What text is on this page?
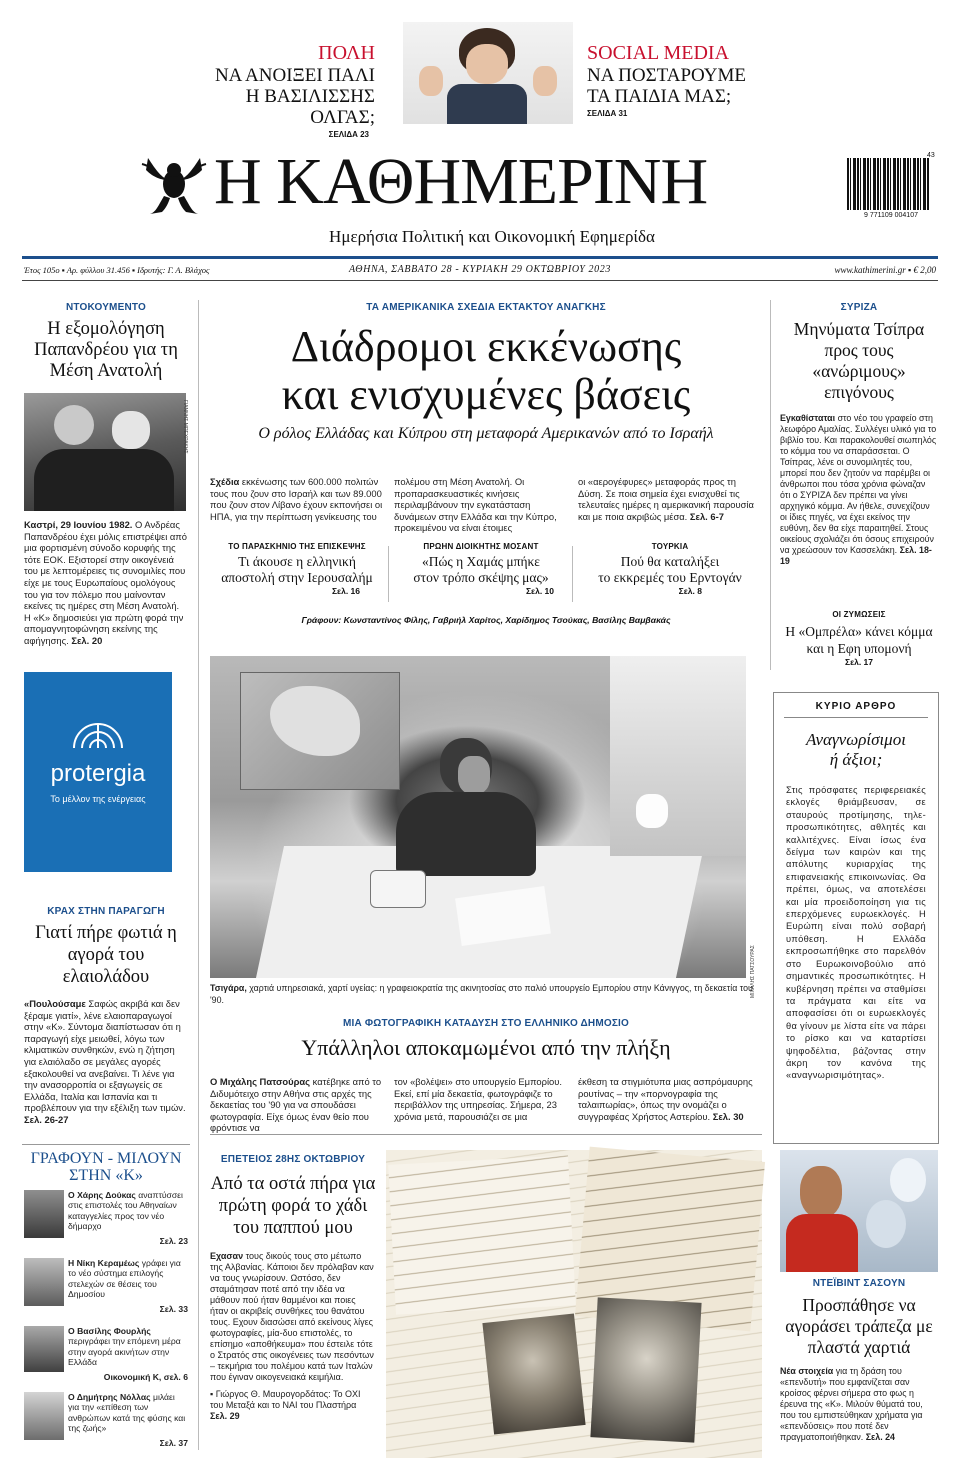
ΠΟΛΗ
ΝΑ ΑΝΟΙΞΕΙ ΠΑΛΙ
Η ΒΑΣΙΛΙΣΣΗΣ ΟΛΓΑΣ;
ΣΕΛΙΔΑ 23
SOCIAL MEDIA
ΝΑ ΠΟΣΤΑΡΟΥΜΕ
ΤΑ ΠΑΙΔΙΑ ΜΑΣ;
ΣΕΛΙΔΑ 31
Η ΚΑΘΗΜΕΡΙΝΗ
Ημερήσια Πολιτική και Οικονομική Εφημερίδα
43
9 771109 004107
Έτος 105ο ▪ Αρ. φύλλου 31.456 ▪ Ιδρυτής: Γ. Α. Βλάχος	ΑΘΗΝΑ, ΣΑΒΒΑΤΟ 28 - ΚΥΡΙΑΚΗ 29 ΟΚΤΩΒΡΙΟΥ 2023	www.kathimerini.gr ▪ € 2,00
ΝΤΟΚΟΥΜΕΝΤΟ
Η εξομολόγηση Παπανδρέου για τη Μέση Ανατολή
ΓΙΑΝΝΗΣ ΜΠΕΧΡΑΚΗΣ
Καστρί, 29 Ιουνίου 1982. Ο Ανδρέας Παπανδρέου έχει μόλις επιστρέψει από μια φορτισμένη σύνοδο κορυφής της τότε ΕΟΚ. Εξιστορεί στην οικογένειά του με λεπτομέρειες τις συνομιλίες που είχε με τους Ευρωπαίους ομολόγους του για τον πόλεμο που μαίνονταν εκείνες τις ημέρες στη Μέση Ανατολή. Η «Κ» δημοσιεύει για πρώτη φορά την απομαγνητοφώνηση εκείνης της αφήγησης. Σελ. 20
protergia
Το μέλλον της ενέργειας
ΚΡΑΧ ΣΤΗΝ ΠΑΡΑΓΩΓΗ
Γιατί πήρε φωτιά η αγορά του ελαιολάδου
«Πουλούσαμε Σαφώς ακριβά και δεν ξέραμε γιατί», λένε ελαιοπαραγωγοί στην «Κ». Σύντομα διαπίστωσαν ότι η παραγωγή είχε μειωθεί, λόγω των κλιματικών συνθηκών, ενώ η ζήτηση για ελαιόλαδο σε μεγάλες αγορές εξακολουθεί να ανεβαίνει. Τι λένε για την ανασορροπία οι εξαγωγείς σε Ελλάδα, Ιταλία και Ισπανία και τι προβλέπουν για την εξέλιξη των τιμών. Σελ. 26-27
ΓΡΑΦΟΥΝ - ΜΙΛΟΥΝ
ΣΤΗΝ «Κ»
Ο Χάρης Δούκας αναπτύσσει στις επιστολές του Αθηναίων καταγγελίες προς τον νέο δήμαρχο
Σελ. 23
Η Νίκη Κεραμέως γράφει για το νέο σύστημα επιλογής στελεχών σε θέσεις του Δημοσίου
Σελ. 33
Ο Βασίλης Φουρλής περιγράφει την επόμενη μέρα στην αγορά ακινήτων στην Ελλάδα
Οικονομική Κ, σελ. 6
Ο Δημήτρης Νόλλας μιλάει για την «επίθεση των ανθρώπων κατά της φύσης και της ζωής»
Σελ. 37
ΤΑ ΑΜΕΡΙΚΑΝΙΚΑ ΣΧΕΔΙΑ ΕΚΤΑΚΤΟΥ ΑΝΑΓΚΗΣ
Διάδρομοι εκκένωσης
και ενισχυμένες βάσεις
Ο ρόλος Ελλάδας και Κύπρου στη μεταφορά Αμερικανών από το Ισραήλ
Σχέδια εκκένωσης των 600.000 πολιτών τους που ζουν στο Ισραήλ και των 89.000 που ζουν στον Λίβανο έχουν εκπονήσει οι ΗΠΑ, για την περίπτωση γενίκευσης του
πολέμου στη Μέση Ανατολή. Οι προπαρασκευαστικές κινήσεις περιλαμβάνουν την εγκατάσταση δυνάμεων στην Ελλάδα και την Κύπρο, προκειμένου να είναι έτοιμες
οι «αερογέφυρες» μεταφοράς προς τη Δύση. Σε ποια σημεία έχει ενισχυθεί τις τελευταίες ημέρες η αμερικανική παρουσία και με ποια ακριβώς μέσα. Σελ. 6-7
ΤΟ ΠΑΡΑΣΚΗΝΙΟ ΤΗΣ ΕΠΙΣΚΕΨΗΣ
Τι άκουσε η ελληνική
αποστολή στην Ιερουσαλήμ
Σελ. 16
ΠΡΩΗΝ ΔΙΟΙΚΗΤΗΣ ΜΟΣΑΝΤ
«Πώς η Χαμάς μπήκε
στον τρόπο σκέψης μας»
Σελ. 10
ΤΟΥΡΚΙΑ
Πού θα καταλήξει
το εκκρεμές του Ερντογάν
Σελ. 8
Γράφουν: Κωνσταντίνος Φίλης, Γαβριήλ Χαρίτος, Χαρίδημος Τσούκας, Βασίλης Βαμβακάς
ΜΙΧΑΛΗΣ ΠΑΤΣΟΥΡΑΣ
Τσιγάρα, χαρτιά υπηρεσιακά, χαρτί υγείας: η γραφειοκρατία της ακινητοσίας στο παλιό υπουργείο Εμπορίου στην Κάνιγγος, τη δεκαετία του '90.
ΜΙΑ ΦΩΤΟΓΡΑΦΙΚΗ ΚΑΤΑΔΥΣΗ ΣΤΟ ΕΛΛΗΝΙΚΟ ΔΗΜΟΣΙΟ
Υπάλληλοι αποκαμωμένοι από την πλήξη
Ο Μιχάλης Πατσούρας κατέβηκε από το Διδυμότειχο στην Αθήνα στις αρχές της δεκαετίας του '90 για να σπουδάσει φωτογραφία. Είχε όμως έναν θείο που φρόντισε να
τον «βολέψει» στο υπουργείο Εμπορίου. Εκεί, επί μία δεκαετία, φωτογράφιζε το περιβάλλον της υπηρεσίας. Σήμερα, 23 χρόνια μετά, παρουσιάζει σε μια
έκθεση τα στιγμιότυπα μιας ασπρόμαυρης ρουτίνας – την «πορνογραφία της ταλαιπωρίας», όπως την ονομάζει ο συγγραφέας Χρήστος Αστερίου. Σελ. 30
ΕΠΕΤΕΙΟΣ 28ΗΣ ΟΚΤΩΒΡΙΟΥ
Από τα οστά πήρα για πρώτη φορά το χάδι του παππού μου
Εχασαν τους δικούς τους στο μέτωπο της Αλβανίας. Κάποιοι δεν πρόλαβαν καν να τους γνωρίσουν. Ωστόσο, δεν σταμάτησαν ποτέ από την ιδέα να μάθουν πού ήταν θαμμένοι και ποιες ήταν οι ακριβείς συνθήκες του θανάτου τους. Εχουν διασώσει από εκείνους λίγες φωτογραφίες, μία-δυο επιστολές, το επίσημο «αποθήκευμα» που έστειλε τότε ο Στρατός στις οικογένειες των πεσόντων – τεκμήρια του πολέμου κατά των Ιταλών που έγιναν οικογενειακά κειμήλια.
▪ Γιώργος Θ. Μαυρογορδάτος: Το ΟΧΙ του Μεταξά και το ΝΑΙ του Πλαστήρα Σελ. 29
ΣΥΡΙΖΑ
Μηνύματα Τσίπρα προς τους «ανώριμους» επιγόνους
Εγκαθίσταται στο νέο του γραφείο στη λεωφόρο Αμαλίας. Συλλέγει υλικό για το βιβλίο του. Και παρακολουθεί σιωπηλός το κόμμα του να σπαράσσεται. Ο Τσίπρας, λένε οι συνομιλητές του, μπορεί που δεν ζητούν να παρέμβει οι άνθρωποι που τόσα χρόνια φώναζαν ότι ο ΣΥΡΙΖΑ δεν πρέπει να γίνει αρχηγικό κόμμα. Αν ήθελε, συνεχίζουν οι ίδιες πηγές, να έχει εκείνος την ευθύνη, δεν θα είχε παραιτηθεί. Στους οικείους σχολιάζει ότι όσους επιχειρούν να χρεώσουν τον Κασσελάκη. Σελ. 18-19
ΟΙ ΖΥΜΩΣΕΙΣ
Η «Ομπρέλα» κάνει κόμμα και η Εφη υπομονή
Σελ. 17
ΚΥΡΙΟ ΑΡΘΡΟ
Αναγνωρίσιμοι ή άξιοι;
Στις πρόσφατες περιφερειακές εκλογές θριάμβευσαν, σε σταυρούς προτίμησης, τηλε-προσωπικότητες, αθλητές και καλλιτέχνες. Είναι ίσως ένα δείγμα των καιρών και της απόλυτης κυριαρχίας της επιφανειακής επικοινωνίας. Θα πρέπει, όμως, να αποτελέσει και μία προειδοποίηση για τις επερχόμενες ευρωεκλογές. Η Ευρώπη είναι πολύ σοβαρή υπόθεση. Η Ελλάδα εκπροσωπήθηκε στο παρελθόν στο Ευρωκοινοβούλιο από σημαντικές προσωπικότητες. Η κυβέρνηση πρέπει να σταθμίσει τα πράγματα και είτε να αποφασίσει ότι οι ευρωεκλογές θα γίνουν με λίστα είτε να πάρει το ρίσκο και να καταρτίσει ψηφοδέλτια, βάζοντας στην άκρη τον κανόνα της «αναγνωρισιμότητας».
ΝΤΕΪΒΙΝΤ ΣΑΣΟΥΝ
Προσπάθησε να αγοράσει τράπεζα με πλαστά χαρτιά
Νέα στοιχεία για τη δράση του «επενδυτή» που εμφανίζεται σαν κροίσος φέρνει σήμερα στο φως η έρευνα της «Κ». Μιλούν θύματά του, που του εμπιστεύθηκαν χρήματα για «επενδύσεις» που ποτέ δεν πραγματοποιήθηκαν. Σελ. 24
